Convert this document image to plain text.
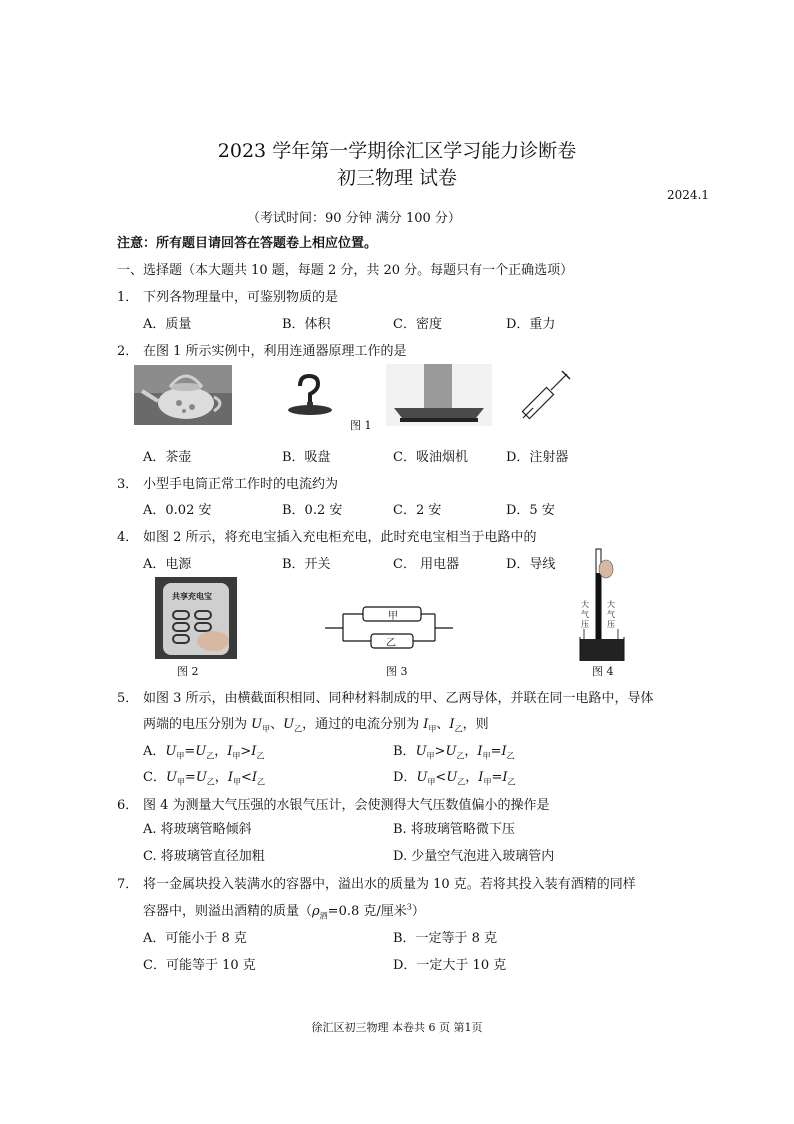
2023 学年第一学期徐汇区学习能力诊断卷
初三物理 试卷
2024.1
（考试时间：90 分钟 满分 100 分）
注意：所有题目请回答在答题卷上相应位置。
一、选择题（本大题共 10 题，每题 2 分，共 20 分。每题只有一个正确选项）
1． 下列各物理量中，可鉴别物质的是
A．质量	B．体积	C．密度	D．重力
2． 在图 1 所示实例中，利用连通器原理工作的是
图 1
A．茶壶	B．吸盘	C．吸油烟机	D．注射器
3． 小型手电筒正常工作时的电流约为
A．0.02 安	B．0.2 安	C．2 安	D．5 安
4． 如图 2 所示，将充电宝插入充电柜充电，此时充电宝相当于电路中的
A．电源	B．开关	C． 用电器	D．导线
共享充电宝
图 2
甲
乙
图 3
大气压
大气压
图 4
5． 如图 3 所示，由横截面积相同、同种材料制成的甲、乙两导体，并联在同一电路中，导体
两端的电压分别为 $U_甲$、$U_乙$，通过的电流分别为 $I_甲$、$I_乙$，则
A．$U_甲=U_乙$，$I_甲>I_乙$	B．$U_甲>U_乙$，$I_甲=I_乙$
C．$U_甲=U_乙$，$I_甲<I_乙$	D．$U_甲<U_乙$，$I_甲=I_乙$
6． 图 4 为测量大气压强的水银气压计，会使测得大气压数值偏小的操作是
A. 将玻璃管略倾斜	B. 将玻璃管略微下压
C. 将玻璃管直径加粗	D. 少量空气泡进入玻璃管内
7． 将一金属块投入装满水的容器中，溢出水的质量为 10 克。若将其投入装有酒精的同样
容器中，则溢出酒精的质量（$\rho_酒=0.8$ 克/厘米$^3$）
A．可能小于 8 克	B．一定等于 8 克
C．可能等于 10 克	D．一定大于 10 克
徐汇区初三物理 本卷共 6 页 第1页
